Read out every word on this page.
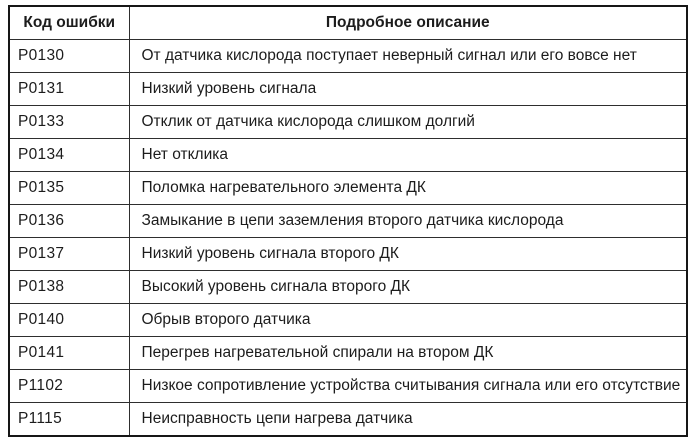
Код ошибки	Подробное описание
P0130	От датчика кислорода поступает неверный сигнал или его вовсе нет
P0131	Низкий уровень сигнала
P0133	Отклик от датчика кислорода слишком долгий
P0134	Нет отклика
P0135	Поломка нагревательного элемента ДК
P0136	Замыкание в цепи заземления второго датчика кислорода
P0137	Низкий уровень сигнала второго ДК
P0138	Высокий уровень сигнала второго ДК
P0140	Обрыв второго датчика
P0141	Перегрев нагревательной спирали на втором ДК
P1102	Низкое сопротивление устройства считывания сигнала или его отсутствие
P1115	Неисправность цепи нагрева датчика
